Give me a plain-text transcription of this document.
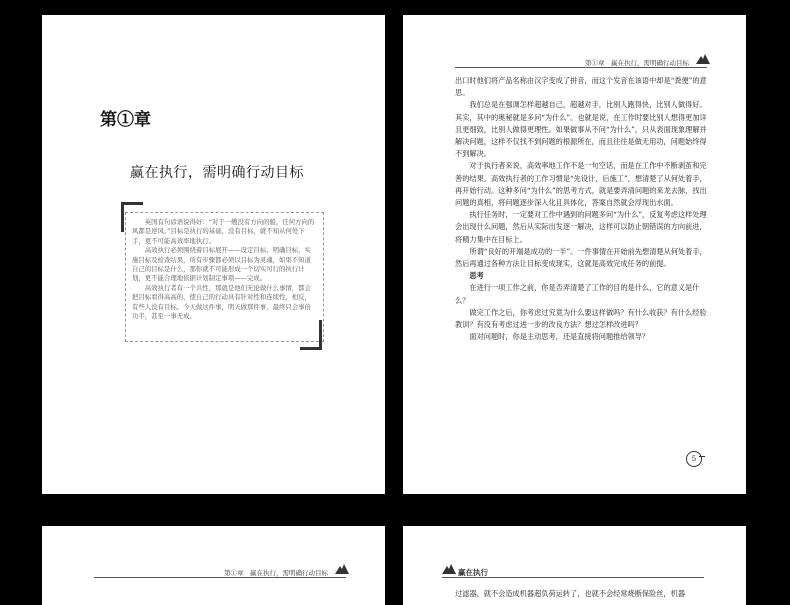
第①章
赢在执行，需明确行动目标

英国有句谚语说得好：“对于一艘没有方向的船，任何方向的风都是逆风。”目标是执行的基础，没有目标，就不知从何处下手，更不可能高效率地执行。

高效执行必须围绕着目标展开——设定目标、明确目标，实施目标及检查结果，所有步骤都必须以目标为灵魂，如果不知道自己的目标是什么，那你就不可能形成一个切实可行的执行计划，更不能合理地依据计划制定事项——完成。

高效执行者有一个共性，那就是他们无论做什么事情，都会把目标看得高高的，使自己的行动具有针对性和连续性，相反，有些人没有目标，今天做这件事，明天做那件事，最终只会事倍功半，甚至一事无成。

第①章　赢在执行，需明确行动目标

出口时他们将产品名称由汉字变成了拼音，而这个发音在该语中却是“粪便”的意思。

我们总是在强调怎样超越自己，超越对手，比别人跑得快，比别人做得好。其实，其中的奥秘就是多问“为什么”。也就是说，在工作时要比别人想得更加详且更细致，比别人做得更理性。如果做事从不问“为什么”，只从表面现象理解并解决问题，这样不仅找不到问题的根源所在，而且往往是做无用功，问题始终得不到解决。

对于执行者来说，高效率地工作不是一句空话，而是在工作中不断剥茧和完善的结果。高效执行者的工作习惯是“先设计，后施工”，想清楚了从何处着手，再开始行动。这种多问“为什么”的思考方式，就是要弄清问题的来龙去脉，找出问题的真相，将问题逐步深入化且具体化，答案自然就会浮现出水面。

执行任务时，一定要对工作中遇到的问题多问“为什么”，反复考虑这样处理会出现什么问题，然后从实际出发逐一解决，这样可以防止朝错误的方向前进，将精力集中在目标上。

所谓“良好的开端是成功的一半”。一件事情在开始前先想清楚从何处着手，然后再通过各种方法让目标变成现实，这就是高效完成任务的前提。

思考

在进行一项工作之前，你是否弄清楚了工作的目的是什么，它的意义是什么？

做完工作之后，你考虑过究竟为什么要这样做吗？有什么收获？有什么经验教训？有没有考虑过进一步的改良方法？想过怎样改进吗？

面对问题时，你是主动思考，还是直接将问题推给领导？

5
第①章　赢在执行，需明确行动目标	赢在执行
过滤器，就不会造成机器超负荷运转了，也就不会经常烧断保险丝，机器
